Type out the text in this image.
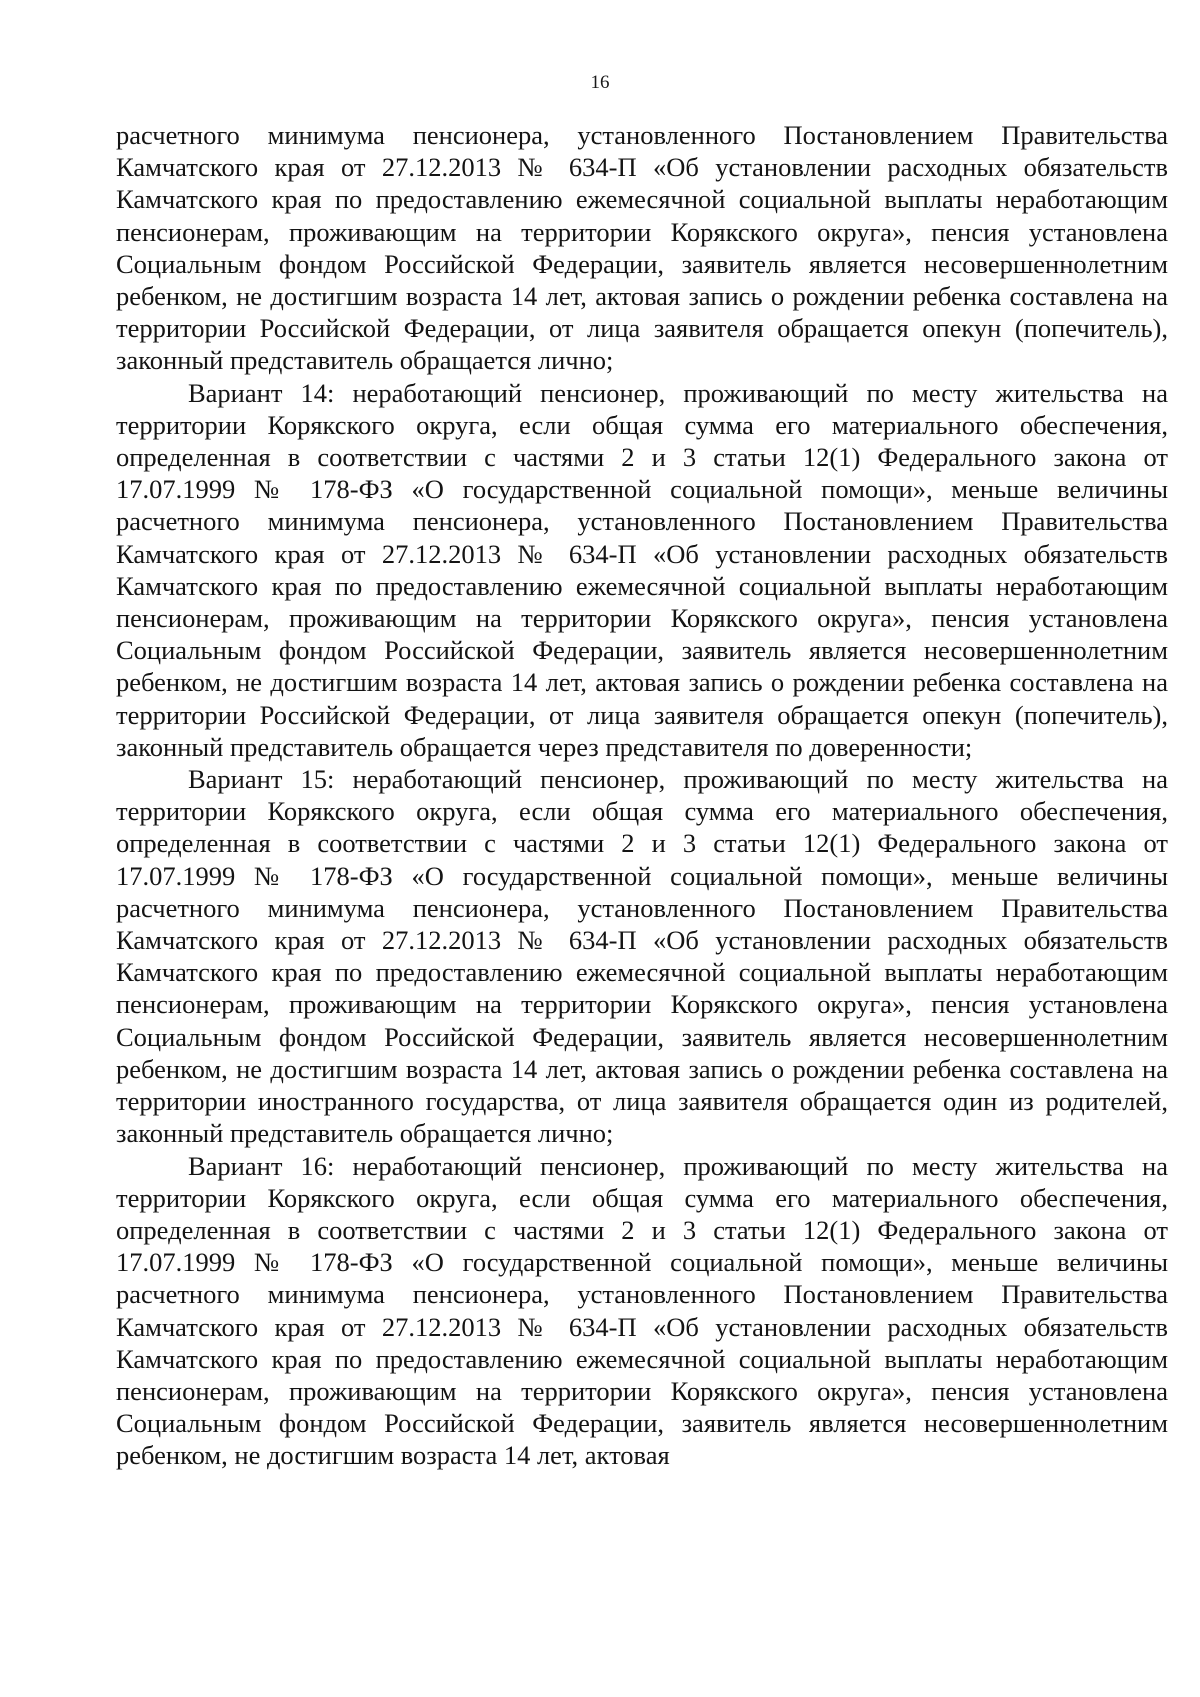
16

расчетного минимума пенсионера, установленного Постановлением Правительства Камчатского края от 27.12.2013 № 634-П «Об установлении расходных обязательств Камчатского края по предоставлению ежемесячной социальной выплаты неработающим пенсионерам, проживающим на территории Корякского округа», пенсия установлена Социальным фондом Российской Федерации, заявитель является несовершеннолетним ребенком, не достигшим возраста 14 лет, актовая запись о рождении ребенка составлена на территории Российской Федерации, от лица заявителя обращается опекун (попечитель), законный представитель обращается лично;

Вариант 14: неработающий пенсионер, проживающий по месту жительства на территории Корякского округа, если общая сумма его материального обеспечения, определенная в соответствии с частями 2 и 3 статьи 12(1) Федерального закона от 17.07.1999 № 178-ФЗ «О государственной социальной помощи», меньше величины расчетного минимума пенсионера, установленного Постановлением Правительства Камчатского края от 27.12.2013 № 634-П «Об установлении расходных обязательств Камчатского края по предоставлению ежемесячной социальной выплаты неработающим пенсионерам, проживающим на территории Корякского округа», пенсия установлена Социальным фондом Российской Федерации, заявитель является несовершеннолетним ребенком, не достигшим возраста 14 лет, актовая запись о рождении ребенка составлена на территории Российской Федерации, от лица заявителя обращается опекун (попечитель), законный представитель обращается через представителя по доверенности;

Вариант 15: неработающий пенсионер, проживающий по месту жительства на территории Корякского округа, если общая сумма его материального обеспечения, определенная в соответствии с частями 2 и 3 статьи 12(1) Федерального закона от 17.07.1999 № 178-ФЗ «О государственной социальной помощи», меньше величины расчетного минимума пенсионера, установленного Постановлением Правительства Камчатского края от 27.12.2013 № 634-П «Об установлении расходных обязательств Камчатского края по предоставлению ежемесячной социальной выплаты неработающим пенсионерам, проживающим на территории Корякского округа», пенсия установлена Социальным фондом Российской Федерации, заявитель является несовершеннолетним ребенком, не достигшим возраста 14 лет, актовая запись о рождении ребенка составлена на территории иностранного государства, от лица заявителя обращается один из родителей, законный представитель обращается лично;

Вариант 16: неработающий пенсионер, проживающий по месту жительства на территории Корякского округа, если общая сумма его материального обеспечения, определенная в соответствии с частями 2 и 3 статьи 12(1) Федерального закона от 17.07.1999 № 178-ФЗ «О государственной социальной помощи», меньше величины расчетного минимума пенсионера, установленного Постановлением Правительства Камчатского края от 27.12.2013 № 634-П «Об установлении расходных обязательств Камчатского края по предоставлению ежемесячной социальной выплаты неработающим пенсионерам, проживающим на территории Корякского округа», пенсия установлена Социальным фондом Российской Федерации, заявитель является несовершеннолетним ребенком, не достигшим возраста 14 лет, актовая
